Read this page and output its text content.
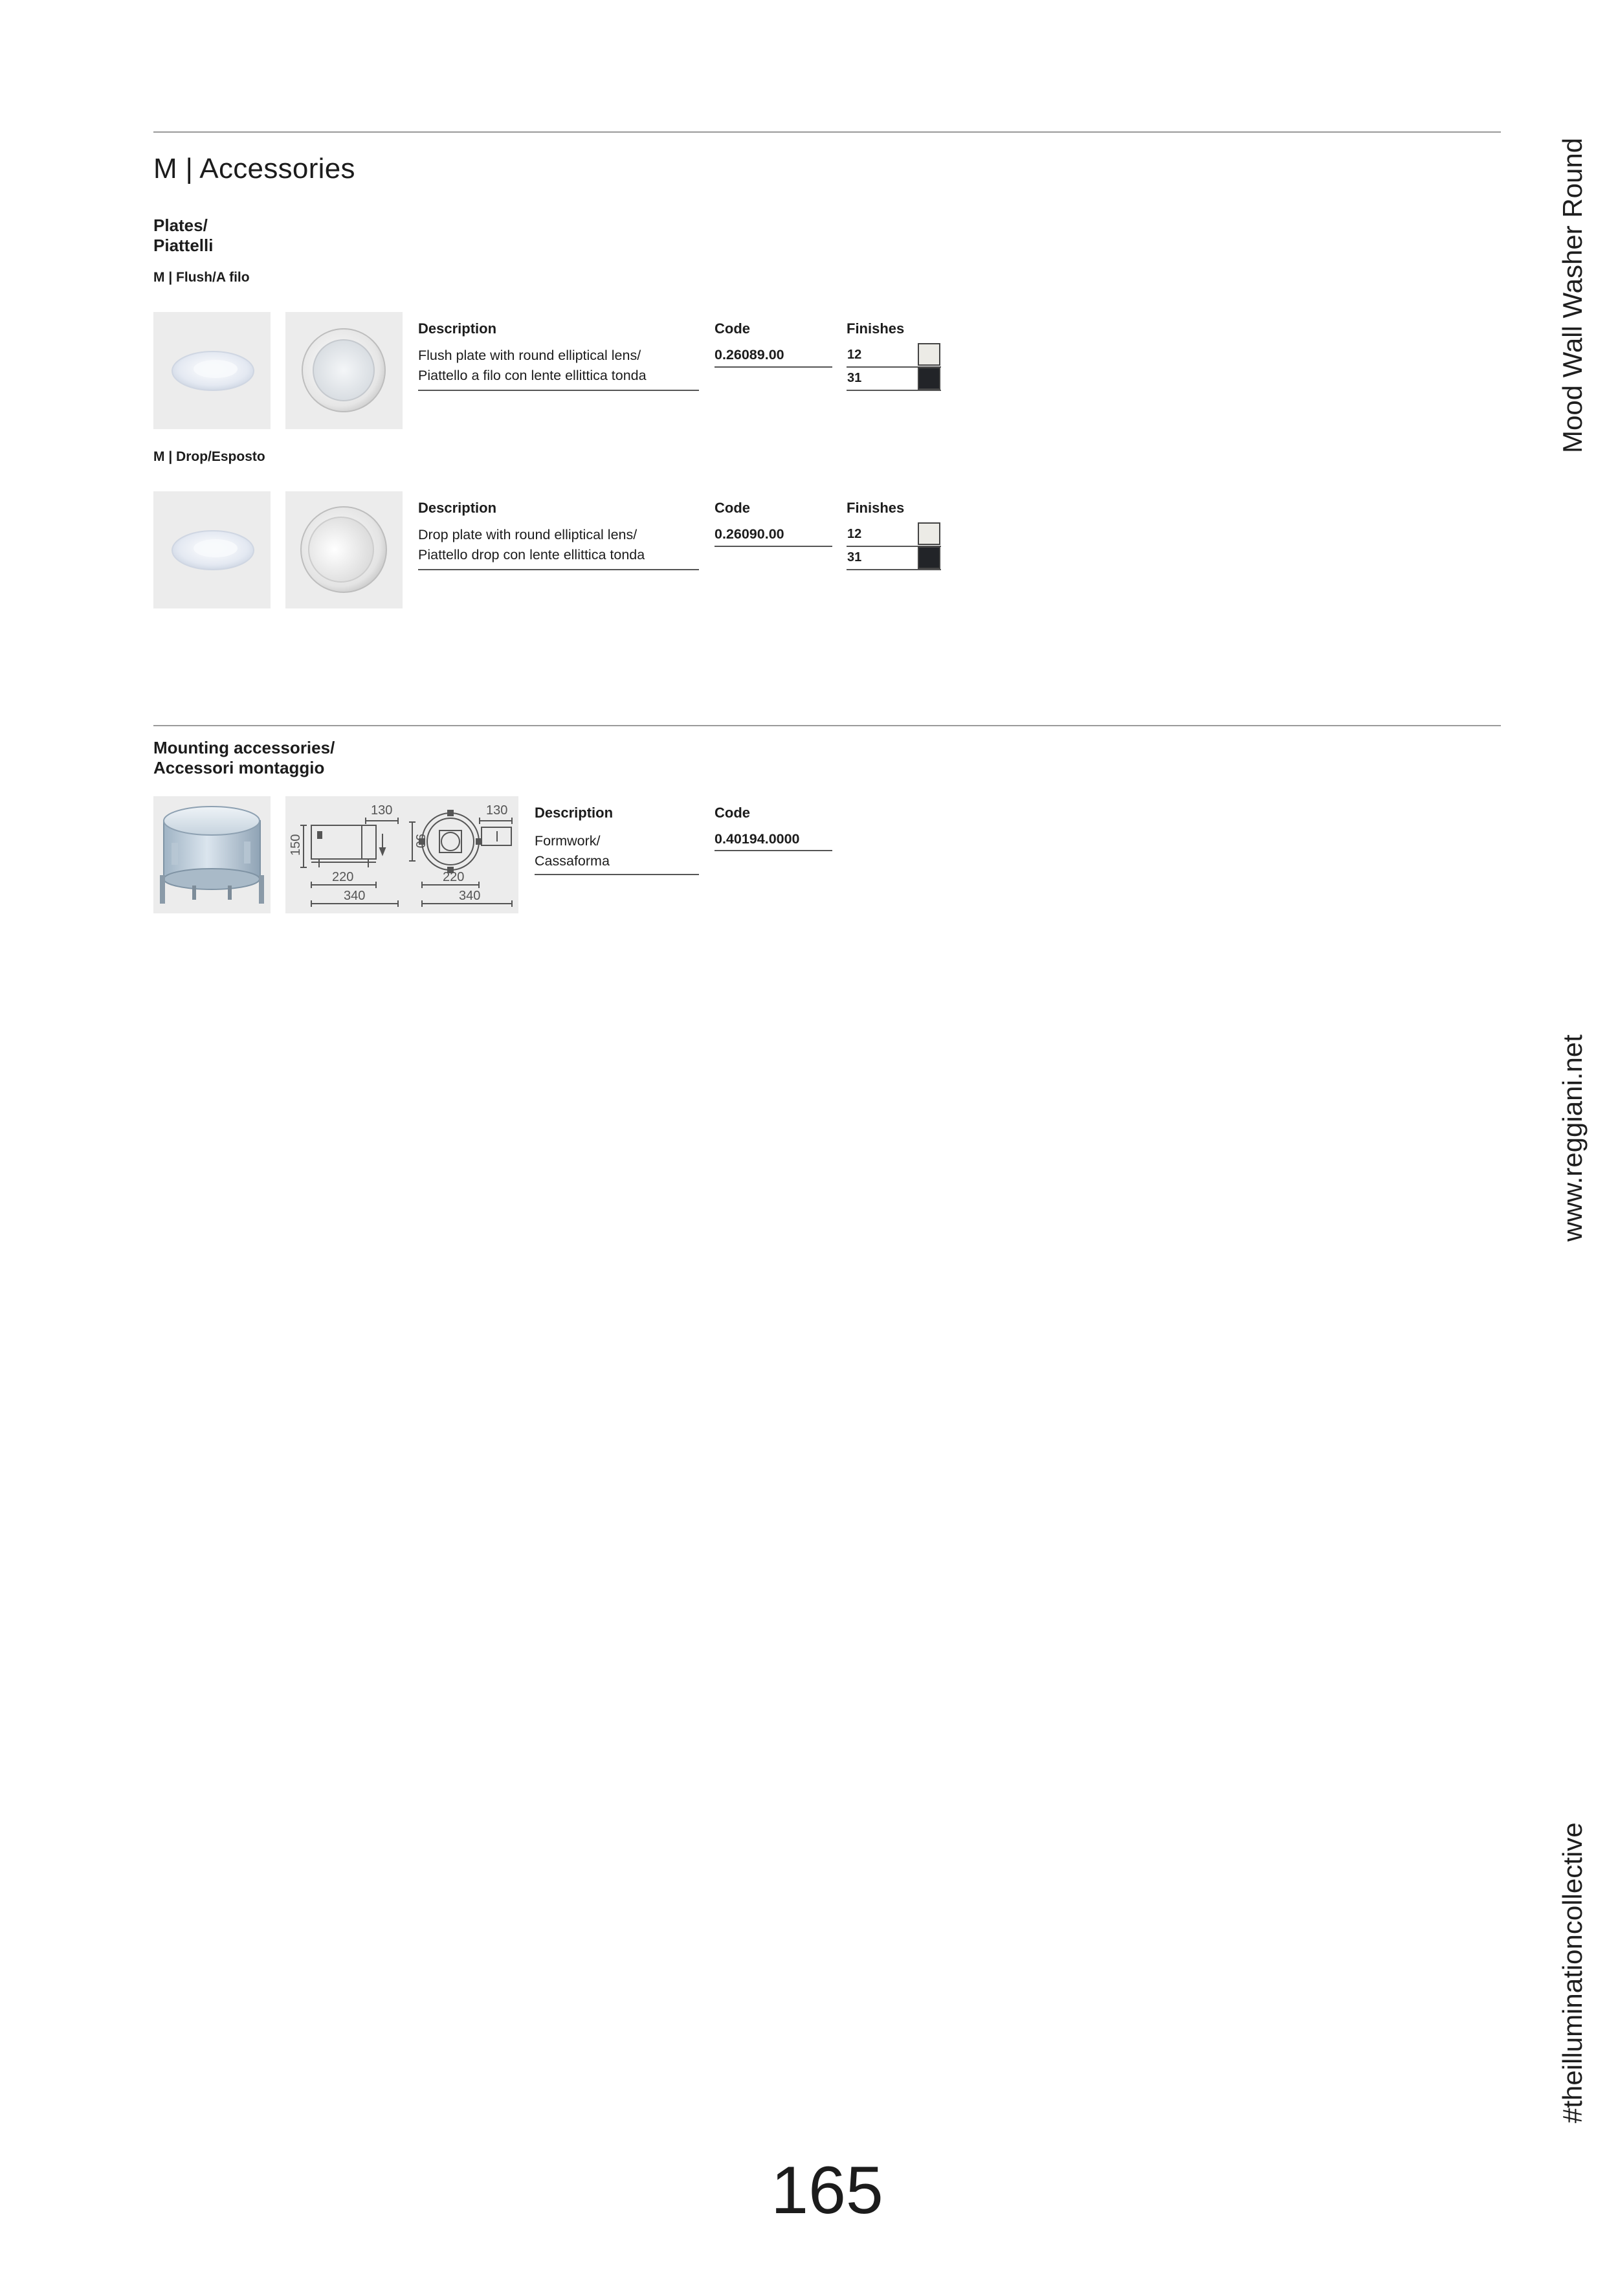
M | Accessories
Plates/
Piattelli
M | Flush/A filo
Description	Code	Finishes
Flush plate with round elliptical lens/
Piattello a filo con lente ellittica tonda
0.26089.00	12
31
M | Drop/Esposto
Description	Code	Finishes
Drop plate with round elliptical lens/
Piattello drop con lente ellittica tonda
0.26090.00	12
31
Mounting accessories/
Accessori montaggio
130
150
220
340
130
90
220
340
Description	Code
Formwork/
Cassaforma
0.40194.0000
Mood Wall Washer Round
www.reggiani.net
#theilluminationcollective
165
